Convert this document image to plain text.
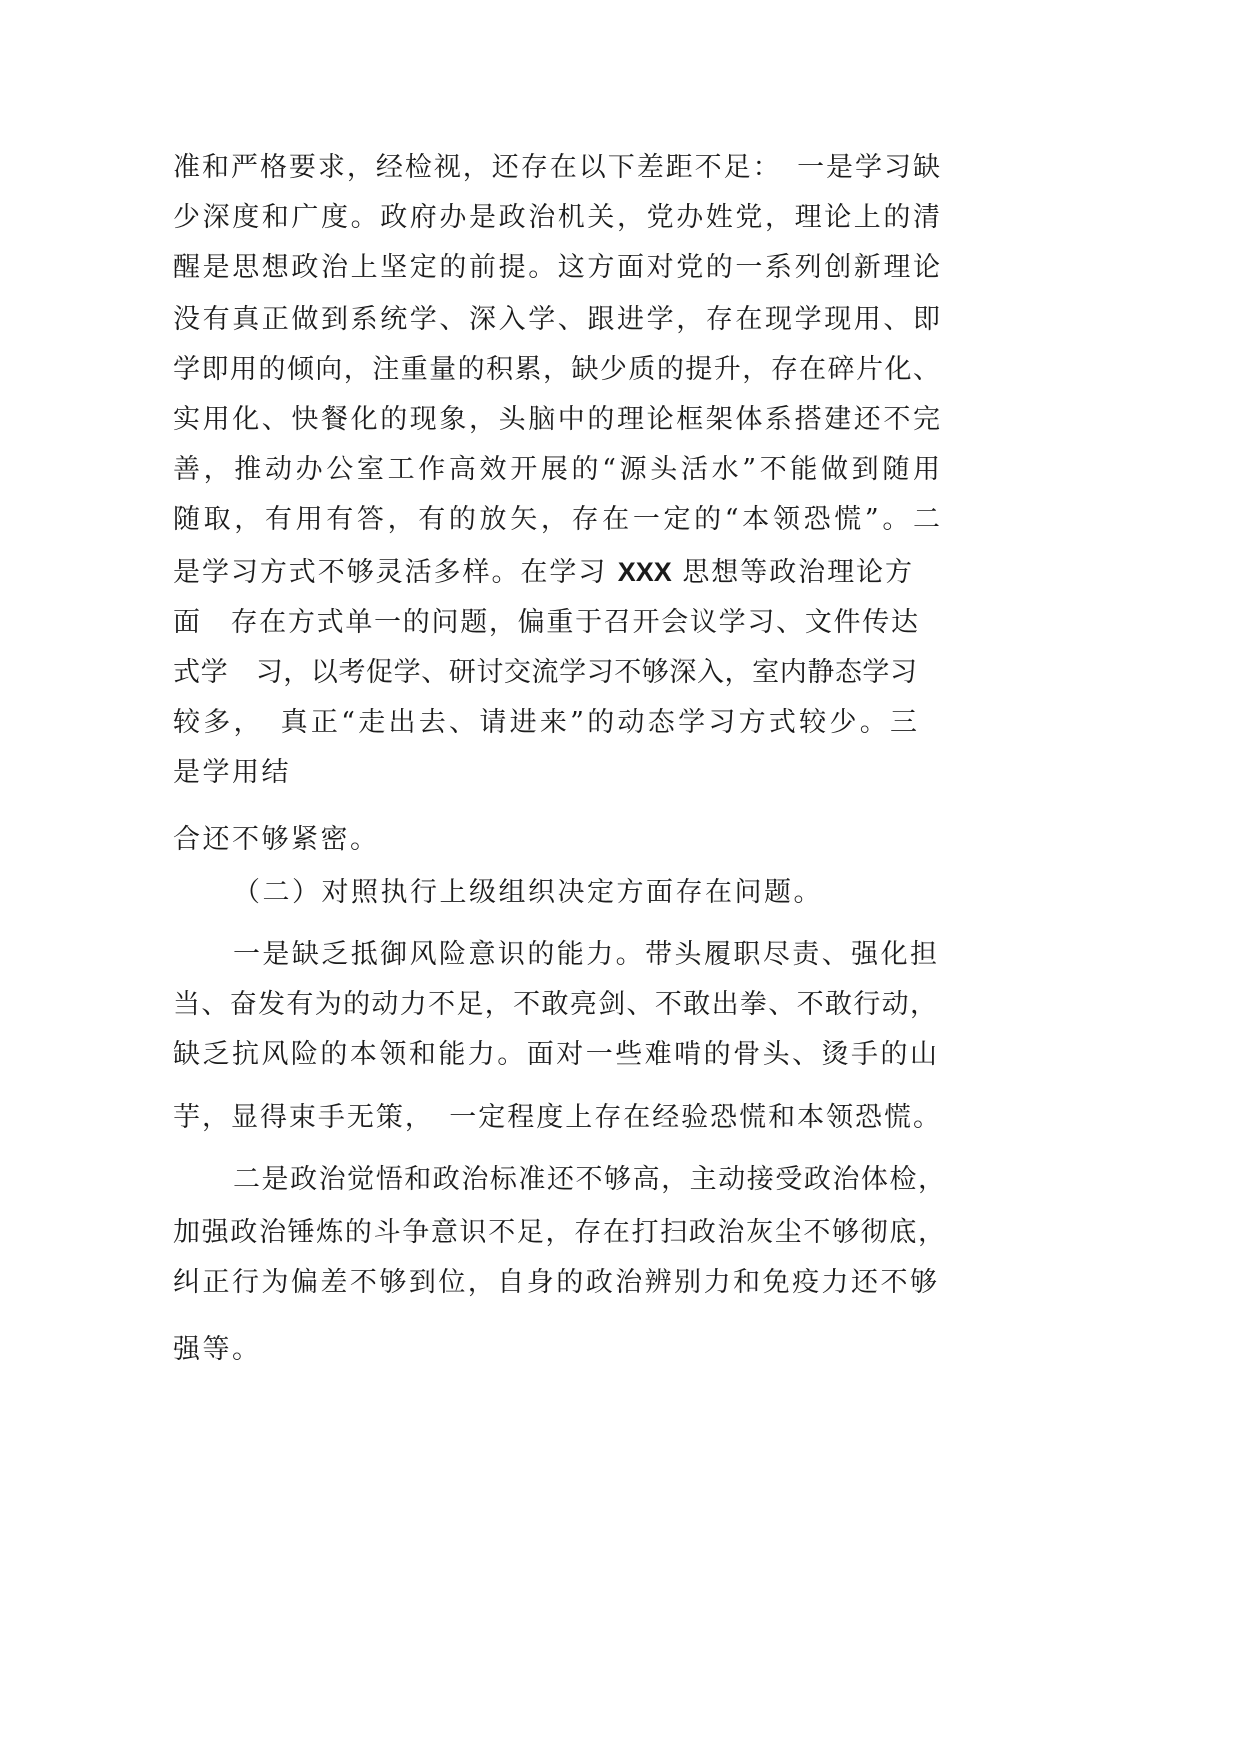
准和严格要求，经检视，还存在以下差距不足：　一是学习缺
少深度和广度。政府办是政治机关，党办姓党，理论上的清
醒是思想政治上坚定的前提。这方面对党的一系列创新理论
没有真正做到系统学、深入学、跟进学，存在现学现用、即
学即用的倾向，注重量的积累，缺少质的提升，存在碎片化、
实用化、快餐化的现象，头脑中的理论框架体系搭建还不完
善，推动办公室工作高效开展的“源头活水”不能做到随用
随取，有用有答，有的放矢，存在一定的“本领恐慌”。二
是学习方式不够灵活多样。在学习 XXX 思想等政治理论方
面　存在方式单一的问题，偏重于召开会议学习、文件传达
式学　习，以考促学、研讨交流学习不够深入，室内静态学习
较多，　真正“走出去、请进来”的动态学习方式较少。三
是学用结
合还不够紧密。
（二）对照执行上级组织决定方面存在问题。
一是缺乏抵御风险意识的能力。带头履职尽责、强化担
当、奋发有为的动力不足，不敢亮剑、不敢出拳、不敢行动，
缺乏抗风险的本领和能力。面对一些难啃的骨头、烫手的山
芋，显得束手无策，　一定程度上存在经验恐慌和本领恐慌。
二是政治觉悟和政治标准还不够高，主动接受政治体检，
加强政治锤炼的斗争意识不足，存在打扫政治灰尘不够彻底，
纠正行为偏差不够到位，自身的政治辨别力和免疫力还不够
强等。
